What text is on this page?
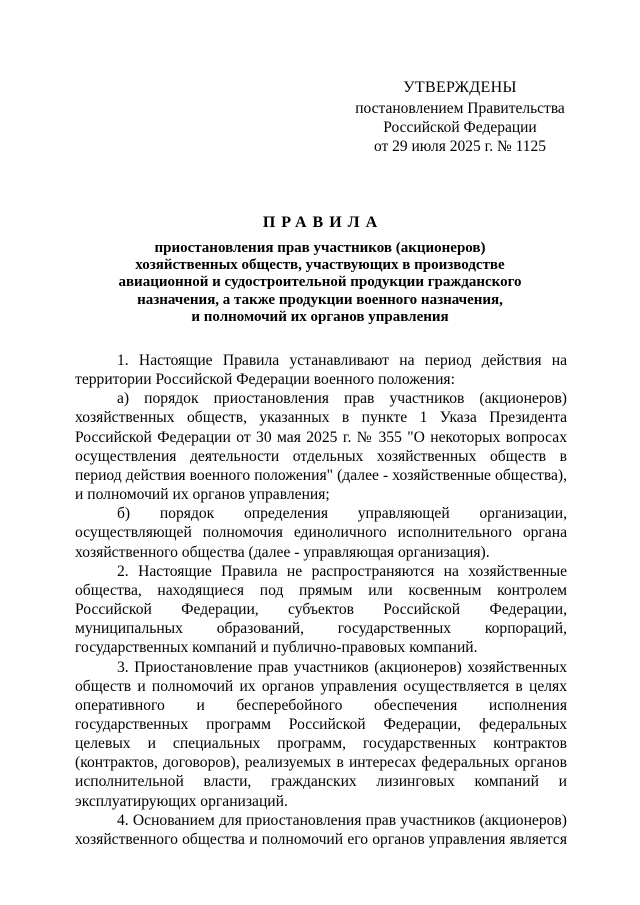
УТВЕРЖДЕНЫ
постановлением Правительства
Российской Федерации
от 29 июля 2025 г. № 1125
ПРАВИЛА
приостановления прав участников (акционеров)
хозяйственных обществ, участвующих в производстве
авиационной и судостроительной продукции гражданского
назначения, а также продукции военного назначения,
и полномочий их органов управления

1. Настоящие Правила устанавливают на период действия на территории Российской Федерации военного положения:

а) порядок приостановления прав участников (акционеров) хозяйственных обществ, указанных в пункте 1 Указа Президента Российской Федерации от 30 мая 2025 г. № 355 "О некоторых вопросах осуществления деятельности отдельных хозяйственных обществ в период действия военного положения" (далее - хозяйственные общества), и полномочий их органов управления;

б) порядок определения управляющей организации, осуществляющей полномочия единоличного исполнительного органа хозяйственного общества (далее - управляющая организация).

2. Настоящие Правила не распространяются на хозяйственные общества, находящиеся под прямым или косвенным контролем Российской Федерации, субъектов Российской Федерации, муниципальных образований, государственных корпораций, государственных компаний и публично-правовых компаний.

3. Приостановление прав участников (акционеров) хозяйственных обществ и полномочий их органов управления осуществляется в целях оперативного и бесперебойного обеспечения исполнения государственных программ Российской Федерации, федеральных целевых и специальных программ, государственных контрактов (контрактов, договоров), реализуемых в интересах федеральных органов исполнительной власти, гражданских лизинговых компаний и эксплуатирующих организаций.

4. Основанием для приостановления прав участников (акционеров) хозяйственного общества и полномочий его органов управления является
